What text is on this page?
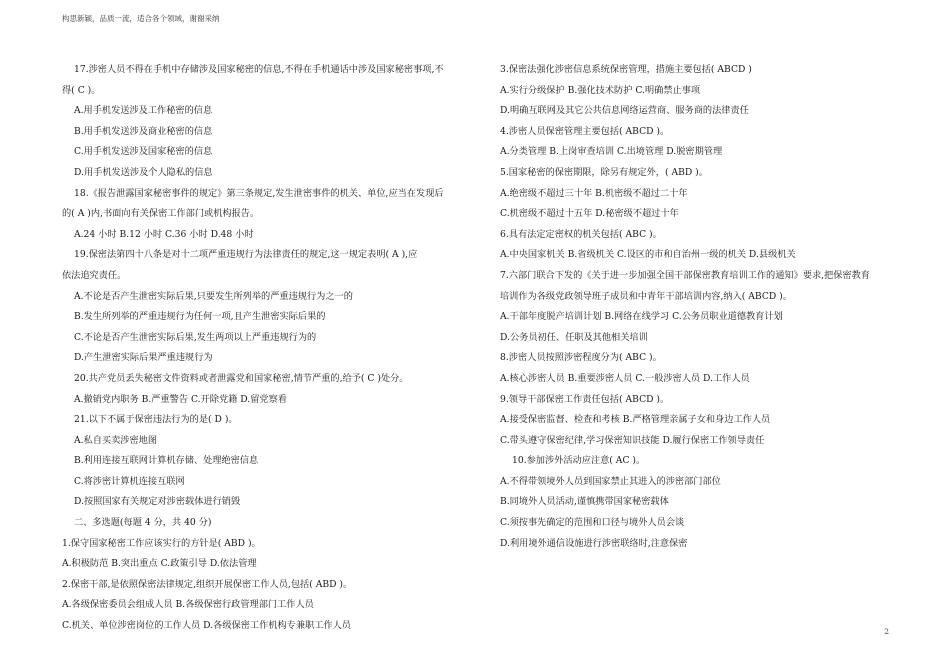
构思新颖，品质一流，适合各个领域，谢谢采纳
17.涉密人员不得在手机中存储涉及国家秘密的信息,不得在手机通话中涉及国家秘密事项,不
得( C )。
A.用手机发送涉及工作秘密的信息
B.用手机发送涉及商业秘密的信息
C.用手机发送涉及国家秘密的信息
D.用手机发送涉及个人隐私的信息
18.《报告泄露国家秘密事件的规定》第三条规定,发生泄密事件的机关、单位,应当在发现后
的( A )内,书面向有关保密工作部门或机构报告。
A.24 小时 B.12 小时 C.36 小时 D.48 小时
19.保密法第四十八条是对十二项严重违规行为法律责任的规定,这一规定表明( A ),应
依法追究责任。
A.不论是否产生泄密实际后果,只要发生所列举的严重违规行为之一的
B.发生所列举的严重违规行为任何一项,且产生泄密实际后果的
C.不论是否产生泄密实际后果,发生两项以上严重违规行为的
D.产生泄密实际后果严重违规行为
20.共产党员丢失秘密文件资料或者泄露党和国家秘密,情节严重的,给予( C )处分。
A.撤销党内职务 B.严重警告 C.开除党籍 D.留党察看
21.以下不属于保密违法行为的是( D )。
A.私自买卖涉密地图
B.利用连接互联网计算机存储、处理绝密信息
C.将涉密计算机连接互联网
D.按照国家有关规定对涉密载体进行销毁
二、多选题(每题 4 分，共 40 分)
1.保守国家秘密工作应该实行的方针是( ABD )。
A.积极防范 B.突出重点 C.政策引导 D.依法管理
2.保密干部,是依照保密法律规定,组织开展保密工作人员,包括( ABD )。
A.各级保密委员会组成人员 B.各级保密行政管理部门工作人员
C.机关、单位涉密岗位的工作人员 D.各级保密工作机构专兼职工作人员
3.保密法强化涉密信息系统保密管理，措施主要包括( ABCD )
A.实行分级保护 B.强化技术防护 C.明确禁止事项
D.明确互联网及其它公共信息网络运营商、服务商的法律责任
4.涉密人员保密管理主要包括( ABCD )。
A.分类管理 B.上岗审查培训 C.出境管理 D.脱密期管理
5.国家秘密的保密期限，除另有规定外，( ABD )。
A.绝密级不超过三十年 B.机密级不超过二十年
C.机密级不超过十五年 D.秘密级不超过十年
6.具有法定定密权的机关包括( ABC )。
A.中央国家机关 B.省级机关 C.设区的市和自治州一级的机关 D.县级机关
7.六部门联合下发的《关于进一步加强全国干部保密教育培训工作的通知》要求,把保密教育
培训作为各级党政领导班子成员和中青年干部培训内容,纳入( ABCD )。
A.干部年度脱产培训计划 B.网络在线学习 C.公务员职业道德教育计划
D.公务员初任、任职及其他相关培训
8.涉密人员按照涉密程度分为( ABC )。
A.核心涉密人员 B.重要涉密人员 C.一般涉密人员 D.工作人员
9.领导干部保密工作责任包括( ABCD )。
A.接受保密监督、检查和考核 B.严格管理亲属子女和身边工作人员
C.带头遵守保密纪律,学习保密知识技能 D.履行保密工作领导责任
10.参加涉外活动应注意( AC )。
A.不得带领境外人员到国家禁止其进入的涉密部门部位
B.同境外人员活动,谨慎携带国家秘密载体
C.须按事先确定的范围和口径与境外人员会谈
D.利用境外通信设施进行涉密联络时,注意保密
2
